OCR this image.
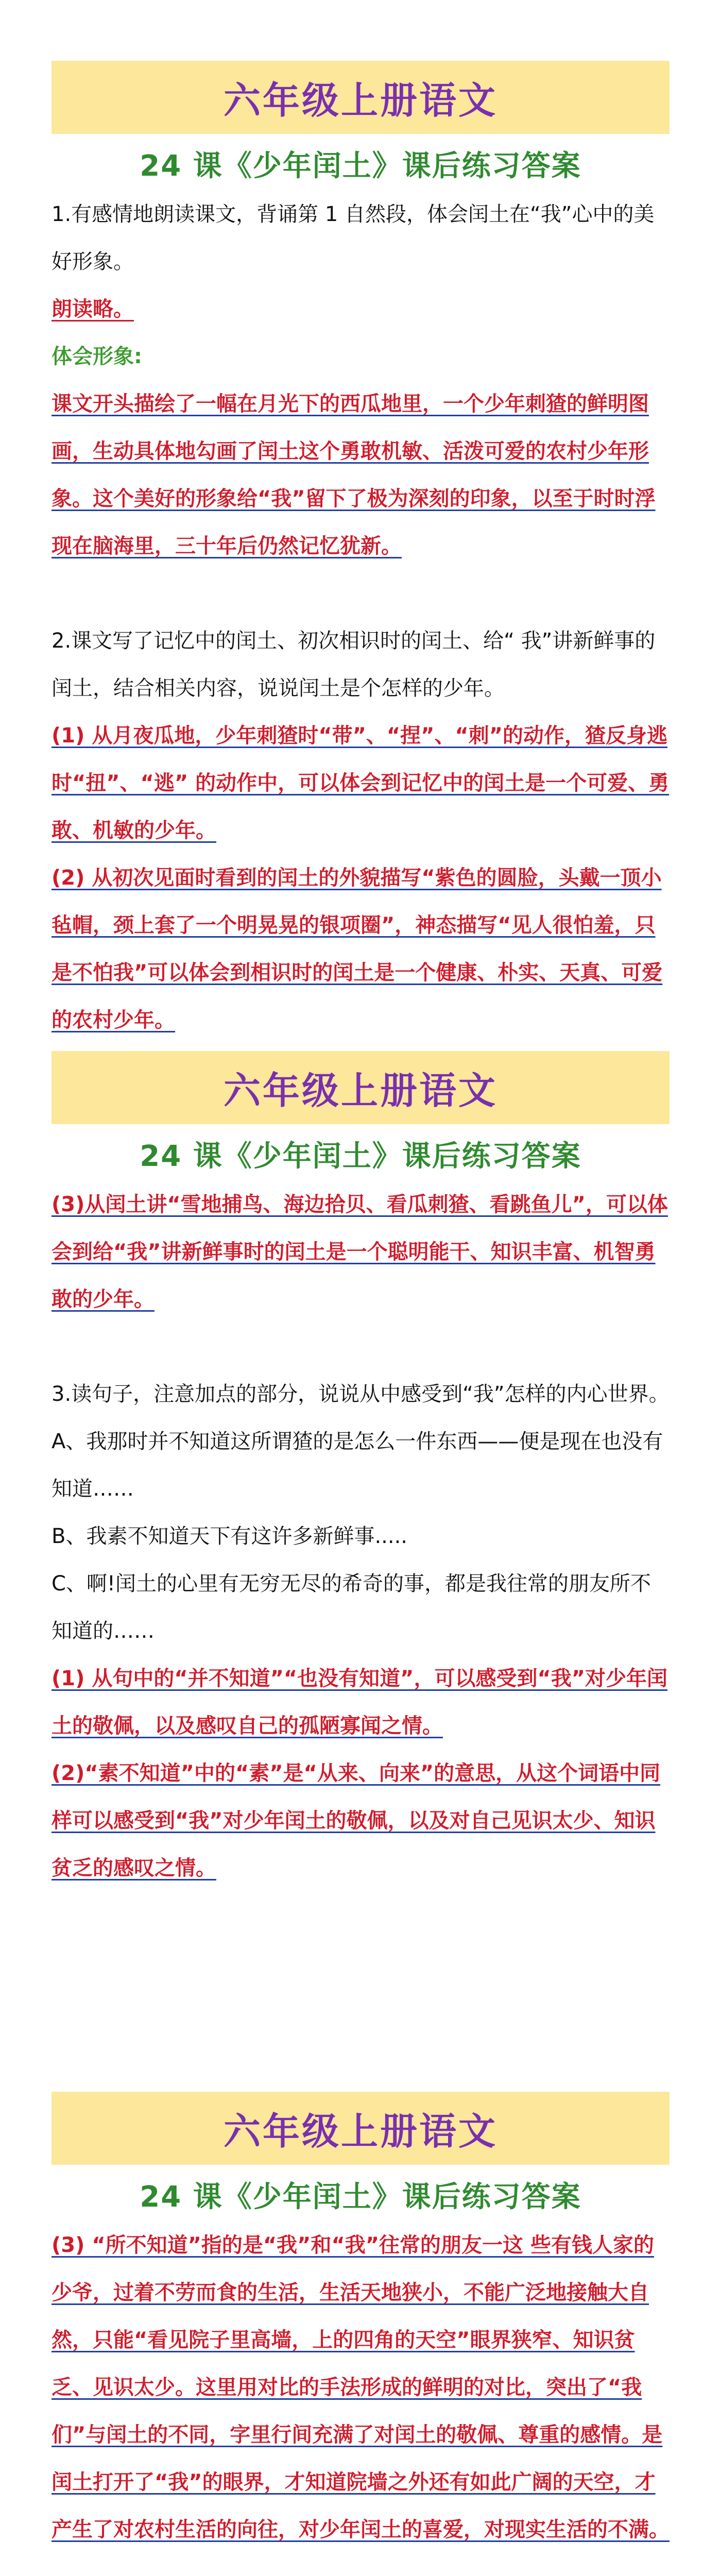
六年级上册语文
24 课《少年闰土》课后练习答案

1.有感情地朗读课文，背诵第 1 自然段，体会闰土在“我”心中的美好形象。

朗读略。

体会形象:

课文开头描绘了一幅在月光下的西瓜地里，一个少年刺猹的鲜明图画，生动具体地勾画了闰土这个勇敢机敏、活泼可爱的农村少年形象。这个美好的形象给“我”留下了极为深刻的印象，以至于时时浮现在脑海里，三十年后仍然记忆犹新。

2.课文写了记忆中的闰土、初次相识时的闰土、给“ 我”讲新鲜事的闰土，结合相关内容，说说闰土是个怎样的少年。

(1) 从月夜瓜地，少年刺猹时“带”、“捏”、“刺”的动作，猹反身逃时“扭”、“逃” 的动作中，可以体会到记忆中的闰土是一个可爱、勇敢、机敏的少年。

(2) 从初次见面时看到的闰土的外貌描写“紫色的圆脸，头戴一顶小毡帽，颈上套了一个明晃晃的银项圈”，神态描写“见人很怕羞，只是不怕我”可以体会到相识时的闰土是一个健康、朴实、天真、可爱的农村少年。

六年级上册语文
24 课《少年闰土》课后练习答案

(3)从闰土讲“雪地捕鸟、海边拾贝、看瓜刺猹、看跳鱼儿”，可以体会到给“我”讲新鲜事时的闰土是一个聪明能干、知识丰富、机智勇敢的少年。

3.读句子，注意加点的部分，说说从中感受到“我”怎样的内心世界。

A、我那时并不知道这所谓猹的是怎么一件东西——便是现在也没有知道……

B、我素不知道天下有这许多新鲜事.....

C、啊!闰土的心里有无穷无尽的希奇的事，都是我往常的朋友所不知道的……

(1) 从句中的“并不知道”“也没有知道”，可以感受到“我”对少年闰土的敬佩，以及感叹自己的孤陋寡闻之情。

(2)“素不知道”中的“素”是“从来、向来”的意思，从这个词语中同样可以感受到“我”对少年闰土的敬佩，以及对自己见识太少、知识贫乏的感叹之情。

六年级上册语文
24 课《少年闰土》课后练习答案

(3) “所不知道”指的是“我”和“我”往常的朋友一这 些有钱人家的少爷，过着不劳而食的生活，生活天地狭小，不能广泛地接触大自然，只能“看见院子里高墙，上的四角的天空”眼界狭窄、知识贫乏、见识太少。这里用对比的手法形成的鲜明的对比，突出了“我们”与闰土的不同，字里行间充满了对闰土的敬佩、尊重的感情。是闰土打开了“我”的眼界，才知道院墙之外还有如此广阔的天空，才产生了对农村生活的向往，对少年闰土的喜爱，对现实生活的不满。
